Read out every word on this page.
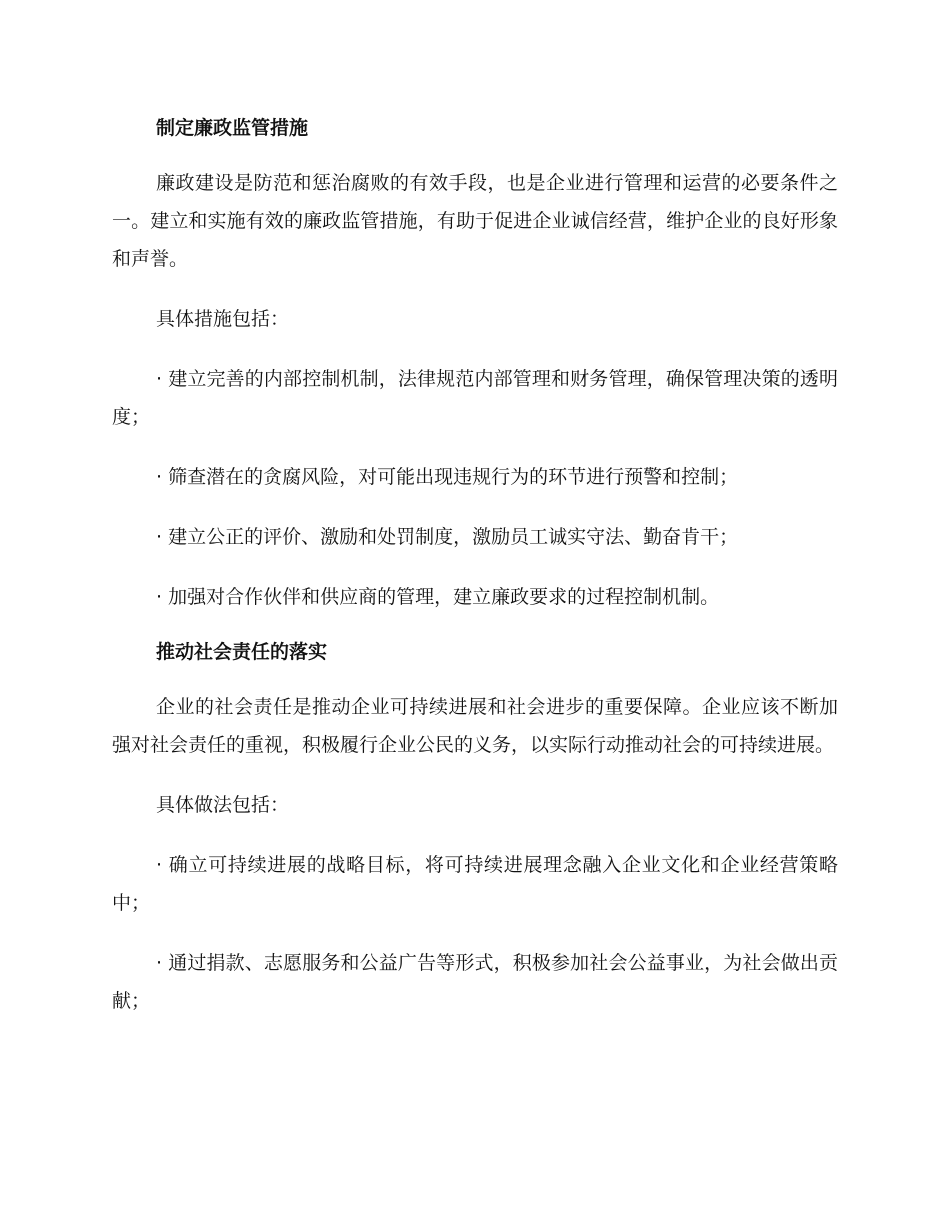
制定廉政监管措施

廉政建设是防范和惩治腐败的有效手段，也是企业进行管理和运营的必要条件之一。建立和实施有效的廉政监管措施，有助于促进企业诚信经营，维护企业的良好形象和声誉。

具体措施包括：

· 建立完善的内部控制机制，法律规范内部管理和财务管理，确保管理决策的透明度；

· 筛查潜在的贪腐风险，对可能出现违规行为的环节进行预警和控制；

· 建立公正的评价、激励和处罚制度，激励员工诚实守法、勤奋肯干；

· 加强对合作伙伴和供应商的管理，建立廉政要求的过程控制机制。

推动社会责任的落实

企业的社会责任是推动企业可持续进展和社会进步的重要保障。企业应该不断加强对社会责任的重视，积极履行企业公民的义务，以实际行动推动社会的可持续进展。

具体做法包括：

· 确立可持续进展的战略目标，将可持续进展理念融入企业文化和企业经营策略中；

· 通过捐款、志愿服务和公益广告等形式，积极参加社会公益事业，为社会做出贡献；
